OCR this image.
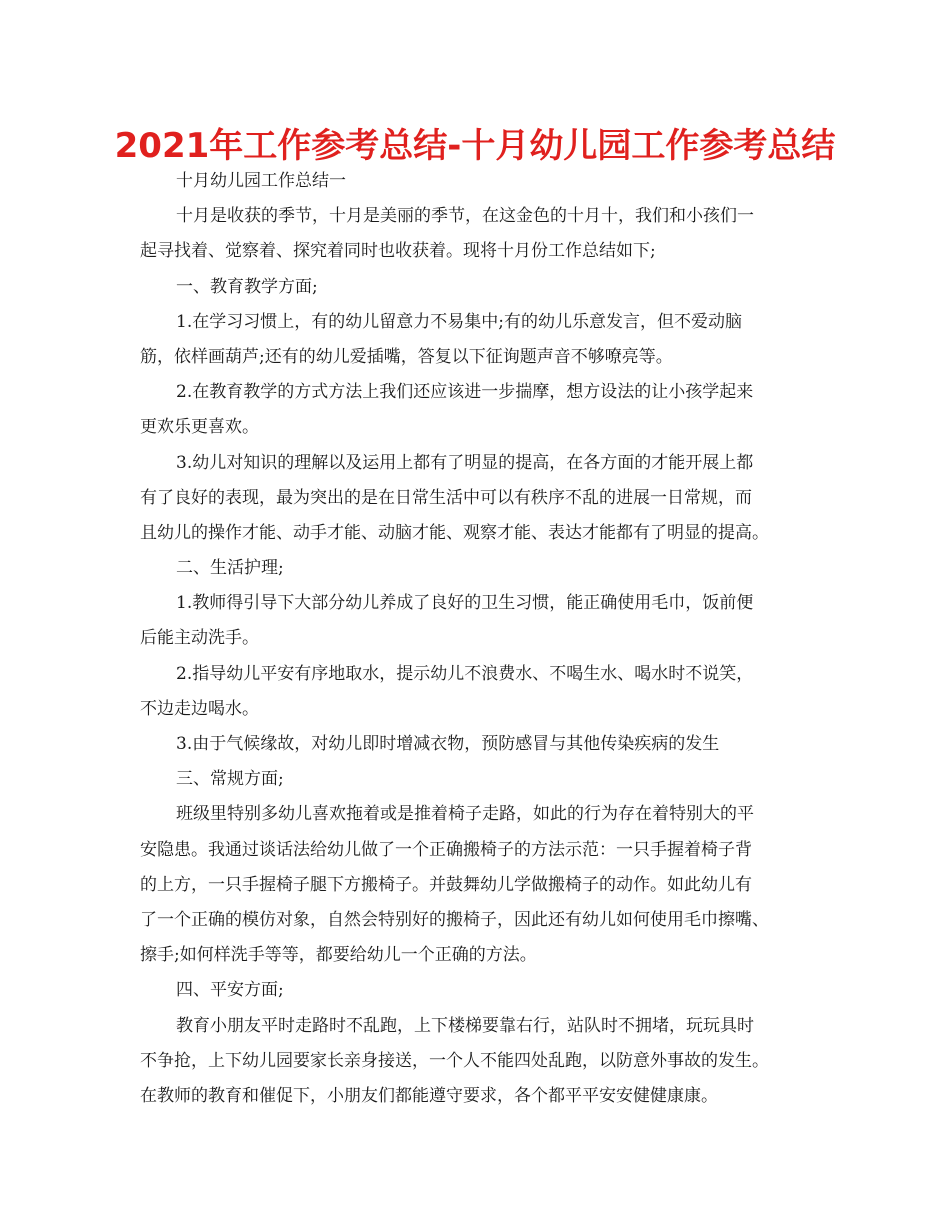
2021年工作参考总结-十月幼儿园工作参考总结
十月幼儿园工作总结一
十月是收获的季节，十月是美丽的季节，在这金色的十月十，我们和小孩们一
起寻找着、觉察着、探究着同时也收获着。现将十月份工作总结如下;
一、教育教学方面;
1.在学习习惯上，有的幼儿留意力不易集中;有的幼儿乐意发言，但不爱动脑
筋，依样画葫芦;还有的幼儿爱插嘴，答复以下征询题声音不够嘹亮等。
2.在教育教学的方式方法上我们还应该进一步揣摩，想方设法的让小孩学起来
更欢乐更喜欢。
3.幼儿对知识的理解以及运用上都有了明显的提高，在各方面的才能开展上都
有了良好的表现，最为突出的是在日常生活中可以有秩序不乱的进展一日常规，而
且幼儿的操作才能、动手才能、动脑才能、观察才能、表达才能都有了明显的提高。
二、生活护理;
1.教师得引导下大部分幼儿养成了良好的卫生习惯，能正确使用毛巾，饭前便
后能主动洗手。
2.指导幼儿平安有序地取水，提示幼儿不浪费水、不喝生水、喝水时不说笑，
不边走边喝水。
3.由于气候缘故，对幼儿即时增减衣物，预防感冒与其他传染疾病的发生
三、常规方面;
班级里特别多幼儿喜欢拖着或是推着椅子走路，如此的行为存在着特别大的平
安隐患。我通过谈话法给幼儿做了一个正确搬椅子的方法示范：一只手握着椅子背
的上方，一只手握椅子腿下方搬椅子。并鼓舞幼儿学做搬椅子的动作。如此幼儿有
了一个正确的模仿对象，自然会特别好的搬椅子，因此还有幼儿如何使用毛巾擦嘴、
擦手;如何样洗手等等，都要给幼儿一个正确的方法。
四、平安方面;
教育小朋友平时走路时不乱跑，上下楼梯要靠右行，站队时不拥堵，玩玩具时
不争抢，上下幼儿园要家长亲身接送，一个人不能四处乱跑，以防意外事故的发生。
在教师的教育和催促下，小朋友们都能遵守要求，各个都平平安安健健康康。
